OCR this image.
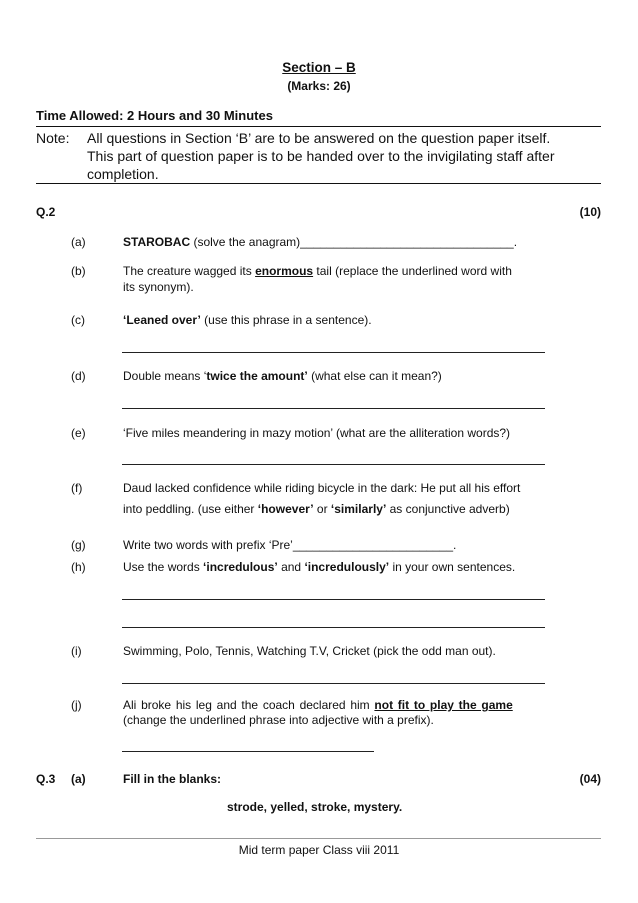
Section – B
(Marks: 26)
Time Allowed: 2 Hours and 30 Minutes
Note: All questions in Section ‘B’ are to be answered on the question paper itself.
This part of question paper is to be handed over to the invigilating staff after
completion.
Q.2	(10)
(a)	STAROBAC (solve the anagram)________________________________.
(b)	The creature wagged its enormous tail (replace the underlined word with
its synonym).
(c)	‘Leaned over’ (use this phrase in a sentence).
(d)	Double means ‘twice the amount’ (what else can it mean?)
(e)	‘Five miles meandering in mazy motion’ (what are the alliteration words?)
(f)	Daud lacked confidence while riding bicycle in the dark: He put all his effort
into peddling. (use either ‘however’ or ‘similarly’ as conjunctive adverb)
(g)	Write two words with prefix ‘Pre’________________________.
(h)	Use the words ‘incredulous’ and ‘incredulously’ in your own sentences.
(i)	Swimming, Polo, Tennis, Watching T.V, Cricket (pick the odd man out).
(j)	Ali broke his leg and the coach declared him not fit to play the game
(change the underlined phrase into adjective with a prefix).
Q.3 (a)	Fill in the blanks:	(04)
strode, yelled, stroke, mystery.
Mid term paper Class viii 2011
